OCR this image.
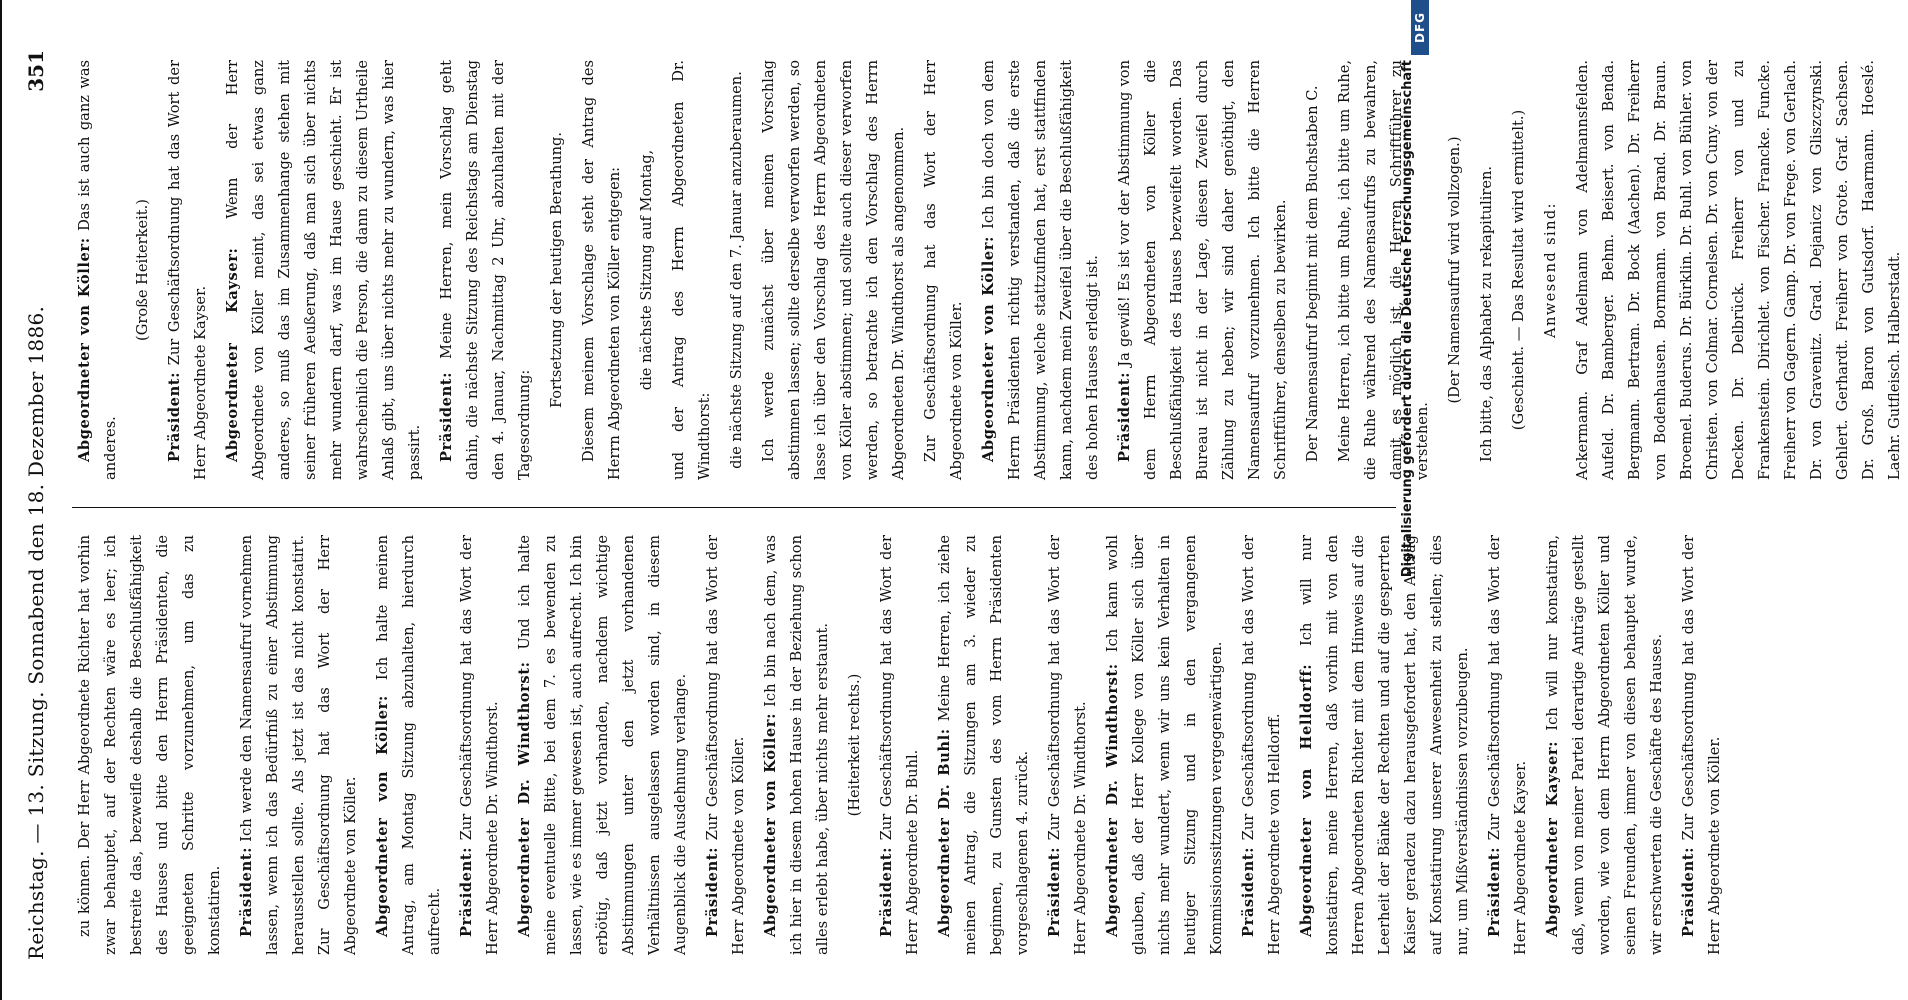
Reichstag. — 13. Sitzung. Sonnabend den 18. Dezember 1886.
351

zu können. Der Herr Abgeordnete Richter hat vorhin zwar behauptet, auf der Rechten wäre es leer; ich bestreite das, bezweifle deshalb die Beschlußfähigkeit des Hauses und bitte den Herrn Präsidenten, die geeigneten Schritte vorzunehmen, um das zu konstatiren.	Präsident: Ich werde den Namensaufruf vornehmen lassen, wenn ich das Bedürfniß zu einer Abstimmung herausstellen sollte. Als jetzt ist das nicht konstatirt. Zur Geschäftsordnung hat das Wort der Herr Abgeordnete von Köller.	Abgeordneter von Köller: Ich halte meinen Antrag, am Montag Sitzung abzuhalten, hierdurch aufrecht.	Präsident: Zur Geschäftsordnung hat das Wort der Herr Abgeordnete Dr. Windthorst.	Abgeordneter Dr. Windthorst: Und ich halte meine eventuelle Bitte, bei dem 7. es bewenden zu lassen, wie es immer gewesen ist, auch aufrecht. Ich bin erbötig, daß jetzt vorhanden, nachdem wichtige Abstimmungen unter den jetzt vorhandenen Verhältnissen ausgelassen worden sind, in diesem Augenblick die Ausdehnung verlange.	Präsident: Zur Geschäftsordnung hat das Wort der Herr Abgeordnete von Köller.	Abgeordneter von Köller: Ich bin nach dem, was ich hier in diesem hohen Hause in der Beziehung schon alles erlebt habe, über nichts mehr erstaunt.	(Heiterkeit rechts.)

Präsident: Zur Geschäftsordnung hat das Wort der Herr Abgeordnete Dr. Buhl.	Abgeordneter Dr. Buhl: Meine Herren, ich ziehe meinen Antrag, die Sitzungen am 3. wieder zu beginnen, zu Gunsten des vom Herrn Präsidenten vorgeschlagenen 4. zurück.	Präsident: Zur Geschäftsordnung hat das Wort der Herr Abgeordnete Dr. Windthorst.	Abgeordneter Dr. Windthorst: Ich kann wohl glauben, daß der Herr Kollege von Köller sich über nichts mehr wundert, wenn wir uns kein Verhalten in heutiger Sitzung und in den vergangenen Kommissionssitzungen vergegenwärtigen.	Präsident: Zur Geschäftsordnung hat das Wort der Herr Abgeordnete von Helldorff.	Abgeordneter von Helldorff: Ich will nur konstatiren, meine Herren, daß vorhin mit von den Herren Abgeordneten Richter mit dem Hinweis auf die Leerheit der Bänke der Rechten und auf die gesperrten Kaiser geradezu dazu herausgefordert hat, den Antrag auf Konstatirung unserer Anwesenheit zu stellen; dies nur, um Mißverständnissen vorzubeugen.	Präsident: Zur Geschäftsordnung hat das Wort der Herr Abgeordnete Kayser.	Abgeordneter Kayser: Ich will nur konstatiren, daß, wenn von meiner Partei derartige Anträge gestellt worden, wie von dem Herrn Abgeordneten Köller und seinen Freunden, immer von diesen behauptet wurde, wir erschwerten die Geschäfte des Hauses.	Präsident: Zur Geschäftsordnung hat das Wort der Herr Abgeordnete von Köller.

Abgeordneter von Köller: Das ist auch ganz was anderes.

(Große Heiterkeit.)

Präsident: Zur Geschäftsordnung hat das Wort der Herr Abgeordnete Kayser.	Abgeordneter Kayser: Wenn der Herr Abgeordnete von Köller meint, das sei etwas ganz anderes, so muß das im Zusammenhange stehen mit seiner früheren Aeußerung, daß man sich über nichts mehr wundern darf, was im Hause geschieht. Er ist wahrscheinlich die Person, die dann zu diesem Urtheile Anlaß gibt, uns über nichts mehr zu wundern, was hier passirt.	Präsident: Meine Herren, mein Vorschlag geht dahin, die nächste Sitzung des Reichstags am Dienstag den 4. Januar, Nachmittag 2 Uhr, abzuhalten mit der Tagesordnung:

Fortsetzung der heutigen Berathung.	Diesem meinem Vorschlage steht der Antrag des Herrn Abgeordneten von Köller entgegen:	die nächste Sitzung auf Montag,	und der Antrag des Herrn Abgeordneten Dr. Windthorst:	die nächste Sitzung auf den 7. Januar anzuberaumen.	Ich werde zunächst über meinen Vorschlag abstimmen lassen; sollte derselbe verworfen werden, so lasse ich über den Vorschlag des Herrn Abgeordneten von Köller abstimmen; und sollte auch dieser verworfen werden, so betrachte ich den Vorschlag des Herrn Abgeordneten Dr. Windthorst als angenommen.	Zur Geschäftsordnung hat das Wort der Herr Abgeordnete von Köller.	Abgeordneter von Köller: Ich bin doch von dem Herrn Präsidenten richtig verstanden, daß die erste Abstimmung, welche stattzufinden hat, erst stattfinden kann, nachdem mein Zweifel über die Beschlußfähigkeit des hohen Hauses erledigt ist.	Präsident: Ja gewiß! Es ist vor der Abstimmung von dem Herrn Abgeordneten von Köller die Beschlußfähigkeit des Hauses bezweifelt worden. Das Bureau ist nicht in der Lage, diesen Zweifel durch Zählung zu heben; wir sind daher genöthigt, den Namensaufruf vorzunehmen. Ich bitte die Herren Schriftführer, denselben zu bewirken.	Der Namensaufruf beginnt mit dem Buchstaben C.	Meine Herren, ich bitte um Ruhe, ich bitte um Ruhe, die Ruhe während des Namensaufrufs zu bewahren, damit es möglich ist, die Herren Schriftführer zu verstehen.

(Der Namensaufruf wird vollzogen.)	Ich bitte, das Alphabet zu rekapituliren.	(Geschieht. — Das Resultat wird ermittelt.)	Anwesend sind:	Ackermann. Graf Adelmann von Adelmannsfelden. Aufeld. Dr. Bamberger. Behm. Beisert. von Benda. Bergmann. Bertram. Dr. Bock (Aachen). Dr. Freiherr von Bodenhausen. Bornmann. von Brand. Dr. Braun. Broemel. Buderus. Dr. Bürklin. Dr. Buhl. von Bühler. von Christen. von Colmar. Cornelsen. Dr. von Cuny. von der Decken. Dr. Delbrück. Freiherr von und zu Frankenstein. Dirichlet. von Fischer. Francke. Funcke. Freiherr von Gagern. Gamp. Dr. von Frege. von Gerlach. Dr. von Gravenitz. Grad. Dejanicz von Gliszczynski. Gehlert. Gerhardt. Freiherr von Grote. Graf. Sachsen. Dr. Groß. Baron von Gutsdorf. Haarmann. Hoeslé. Laehr. Gutfleisch. Halberstadt.

Digitalisierung gefördert durch die Deutsche Forschungsgemeinschaft
DFG
